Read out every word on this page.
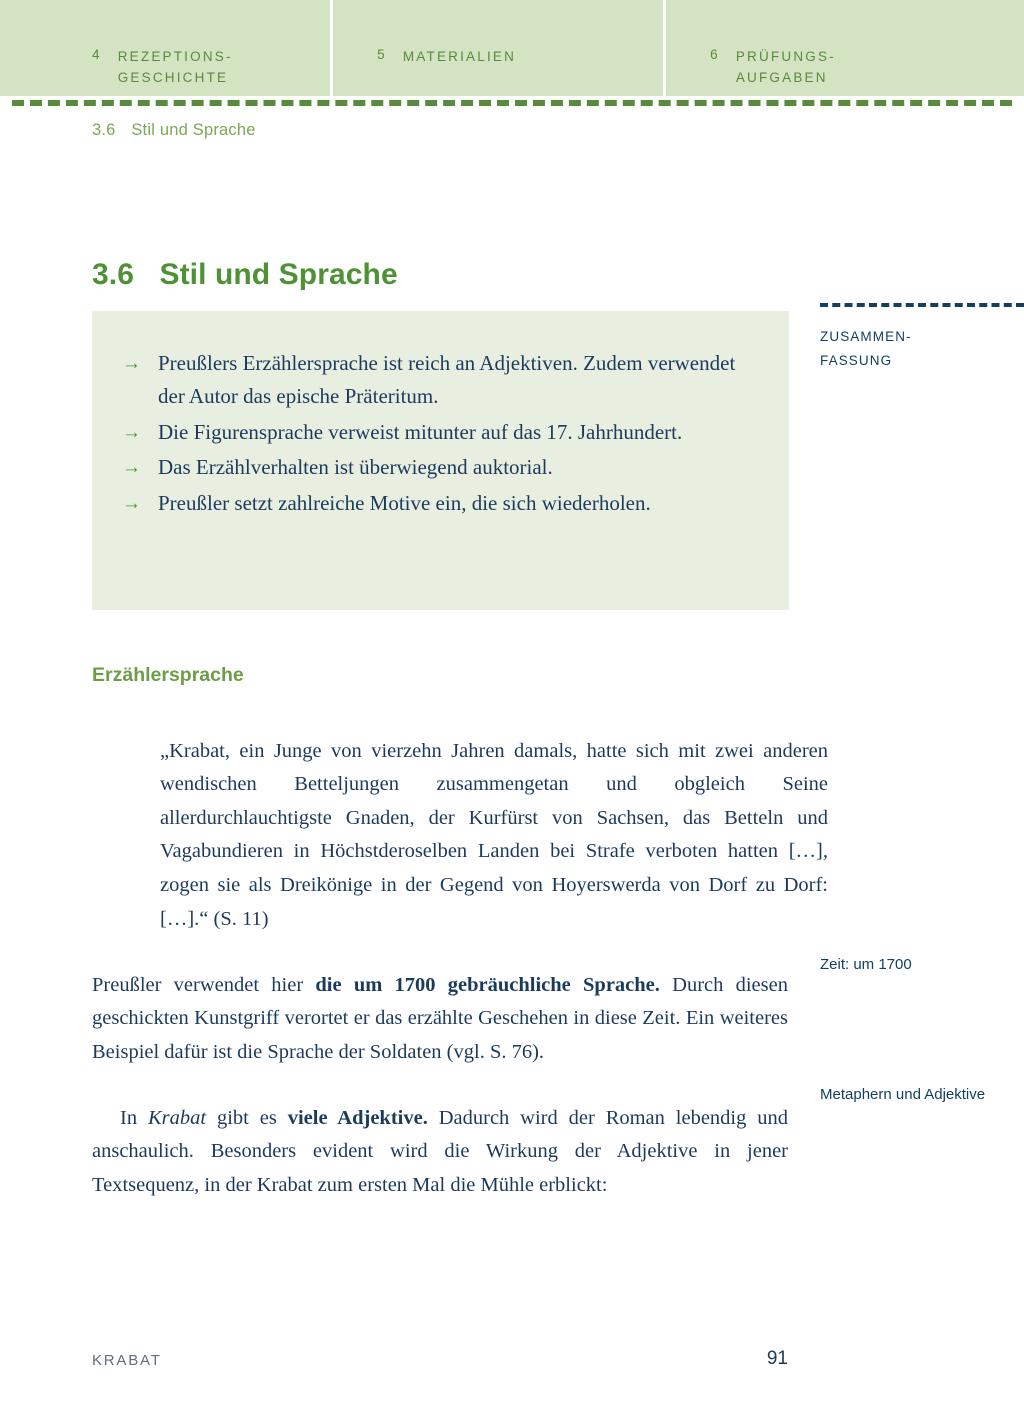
4 REZEPTIONS-
GESCHICHTE
5 MATERIALIEN	6 PRÜFUNGS-
AUFGABEN
3.6 Stil und Sprache
3.6 Stil und Sprache
→ Preußlers Erzählersprache ist reich an Adjektiven. Zudem verwendet der Autor das epische Präteritum.
→ Die Figurensprache verweist mitunter auf das 17. Jahrhundert.
→ Das Erzählverhalten ist überwiegend auktorial.
→ Preußler setzt zahlreiche Motive ein, die sich wiederholen.
ZUSAMMEN-
FASSUNG
Zeit: um 1700
Metaphern und Adjektive
Erzählersprache
„Krabat, ein Junge von vierzehn Jahren damals, hatte sich mit zwei anderen wendischen Betteljungen zusammengetan und obgleich Seine allerdurchlauchtigste Gnaden, der Kurfürst von Sachsen, das Betteln und Vagabundieren in Höchstderoselben Landen bei Strafe verboten hatten […], zogen sie als Dreikönige in der Gegend von Hoyerswerda von Dorf zu Dorf: […].“ (S. 11)

Preußler verwendet hier die um 1700 gebräuchliche Sprache. Durch diesen geschickten Kunstgriff verortet er das erzählte Geschehen in diese Zeit. Ein weiteres Beispiel dafür ist die Sprache der Soldaten (vgl. S. 76).

In Krabat gibt es viele Adjektive. Dadurch wird der Roman lebendig und anschaulich. Besonders evident wird die Wirkung der Adjektive in jener Textsequenz, in der Krabat zum ersten Mal die Mühle erblickt:

KRABAT	91
